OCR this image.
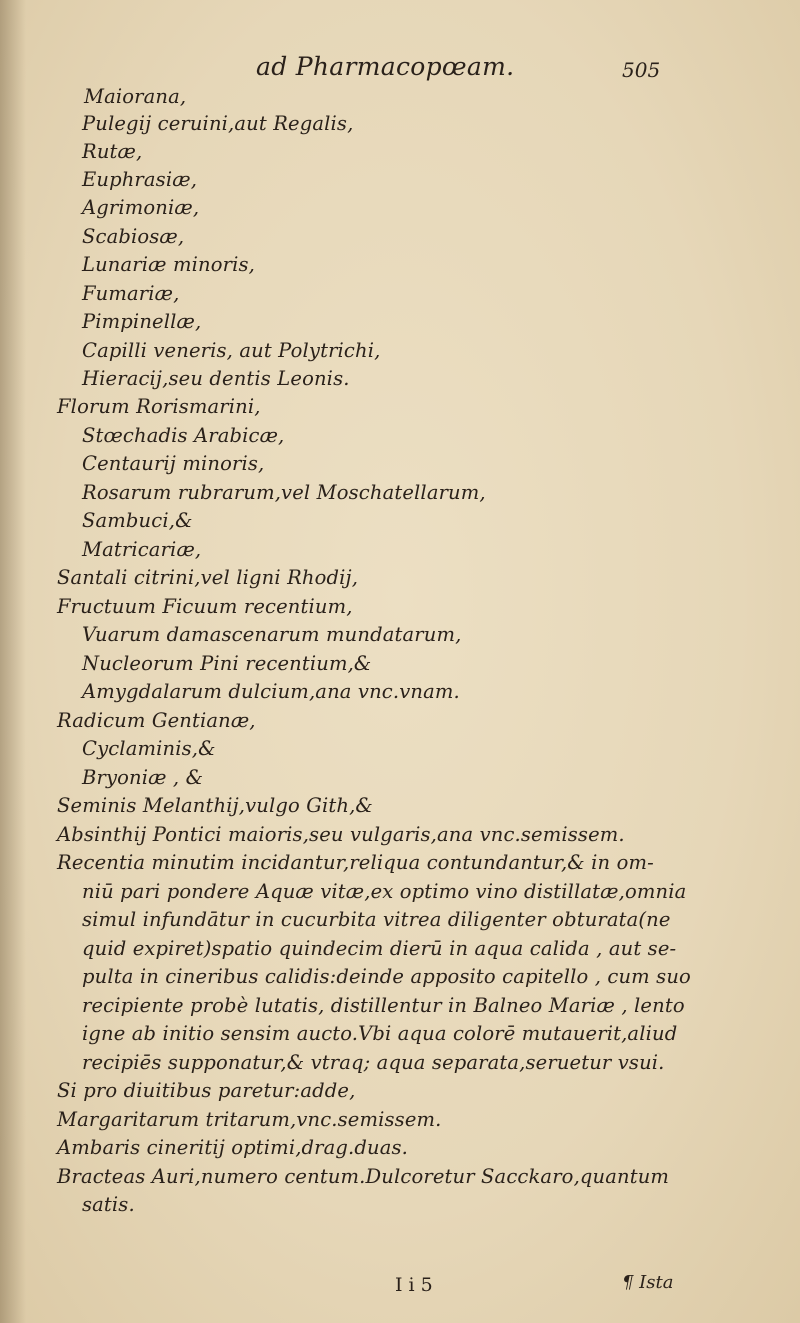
ad Pharmacopœam.	505
Maiorana,
Pulegij ceruini,aut Regalis,
Rutæ,
Euphrasiæ,
Agrimoniæ,
Scabiosæ,
Lunariæ minoris,
Fumariæ,
Pimpinellæ,
Capilli veneris, aut Polytrichi,
Hieracij,seu dentis Leonis.
Florum Rorismarini,
Stœchadis Arabicæ,
Centaurij minoris,
Rosarum rubrarum,vel Moschatellarum,
Sambuci,&
Matricariæ,
Santali citrini,vel ligni Rhodij,
Fructuum Ficuum recentium,
Vuarum damascenarum mundatarum,
Nucleorum Pini recentium,&
Amygdalarum dulcium,ana vnc.vnam.
Radicum Gentianæ,
Cyclaminis,&
Bryoniæ , &
Seminis Melanthij,vulgo Gith,&
Absinthij Pontici maioris,seu vulgaris,ana vnc.semissem.
Recentia minutim incidantur,reliqua contundantur,& in om-
niū pari pondere Aquæ vitæ,ex optimo vino distillatæ,omnia
simul infundātur in cucurbita vitrea diligenter obturata(ne
quid expiret)spatio quindecim dierū in aqua calida , aut se-
pulta in cineribus calidis:deinde apposito capitello , cum suo
recipiente probè lutatis, distillentur in Balneo Mariæ , lento
igne ab initio sensim aucto.Vbi aqua colorē mutauerit,aliud
recipiēs supponatur,& vtraq; aqua separata,seruetur vsui.
Si pro diuitibus paretur:adde,
Margaritarum tritarum,vnc.semissem.
Ambaris cineritij optimi,drag.duas.
Bracteas Auri,numero centum.Dulcoretur Sacckaro,quantum
satis.
I i 5	¶ Ista
